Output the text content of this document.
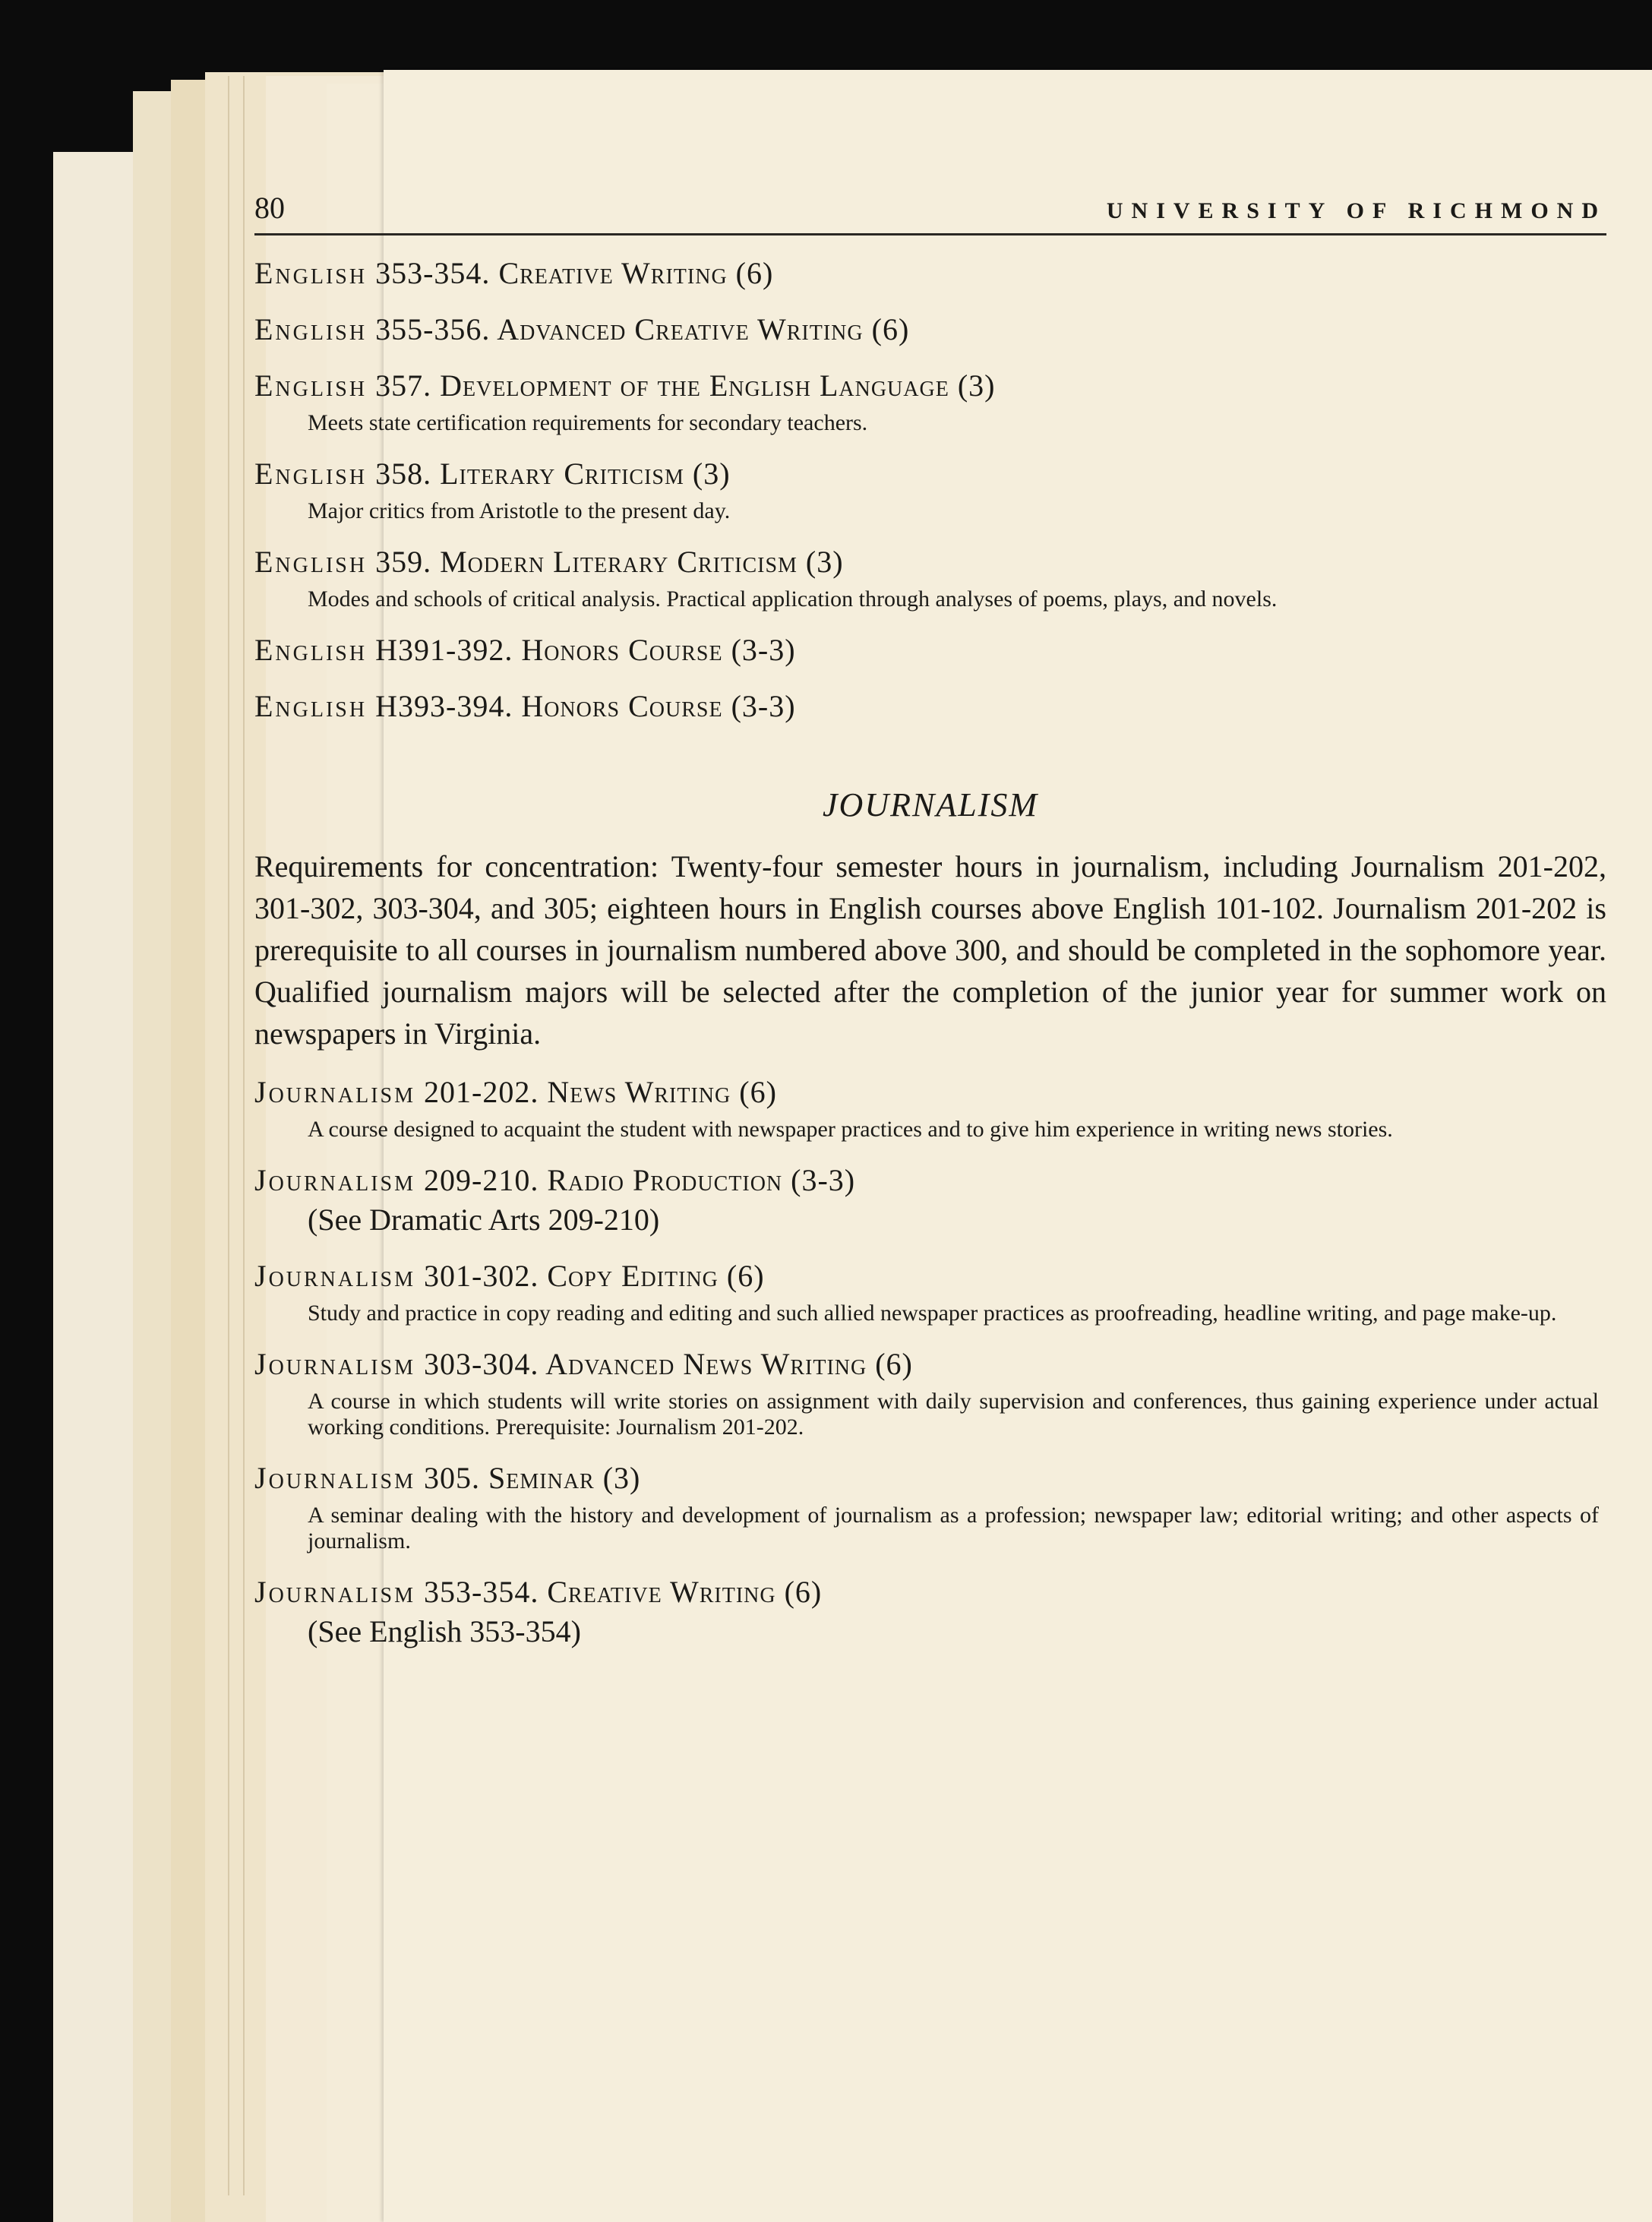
80	UNIVERSITY OF RICHMOND
English 353-354. Creative Writing (6)
English 355-356. Advanced Creative Writing (6)
English 357. Development of the English Language (3)
Meets state certification requirements for secondary teachers.
English 358. Literary Criticism (3)
Major critics from Aristotle to the present day.
English 359. Modern Literary Criticism (3)
Modes and schools of critical analysis. Practical application through analyses of poems, plays, and novels.
English H391-392. Honors Course (3-3)
English H393-394. Honors Course (3-3)
JOURNALISM
Requirements for concentration: Twenty-four semester hours in journalism, including Journalism 201-202, 301-302, 303-304, and 305; eighteen hours in English courses above English 101-102. Journalism 201-202 is prerequisite to all courses in journalism numbered above 300, and should be completed in the sophomore year. Qualified journalism majors will be selected after the completion of the junior year for summer work on newspapers in Virginia.
Journalism 201-202. News Writing (6)
A course designed to acquaint the student with newspaper practices and to give him experience in writing news stories.
Journalism 209-210. Radio Production (3-3)
(See Dramatic Arts 209-210)
Journalism 301-302. Copy Editing (6)
Study and practice in copy reading and editing and such allied newspaper practices as proofreading, headline writing, and page make-up.
Journalism 303-304. Advanced News Writing (6)
A course in which students will write stories on assignment with daily supervision and conferences, thus gaining experience under actual working conditions. Prerequisite: Journalism 201-202.
Journalism 305. Seminar (3)
A seminar dealing with the history and development of journalism as a profession; newspaper law; editorial writing; and other aspects of journalism.
Journalism 353-354. Creative Writing (6)
(See English 353-354)
